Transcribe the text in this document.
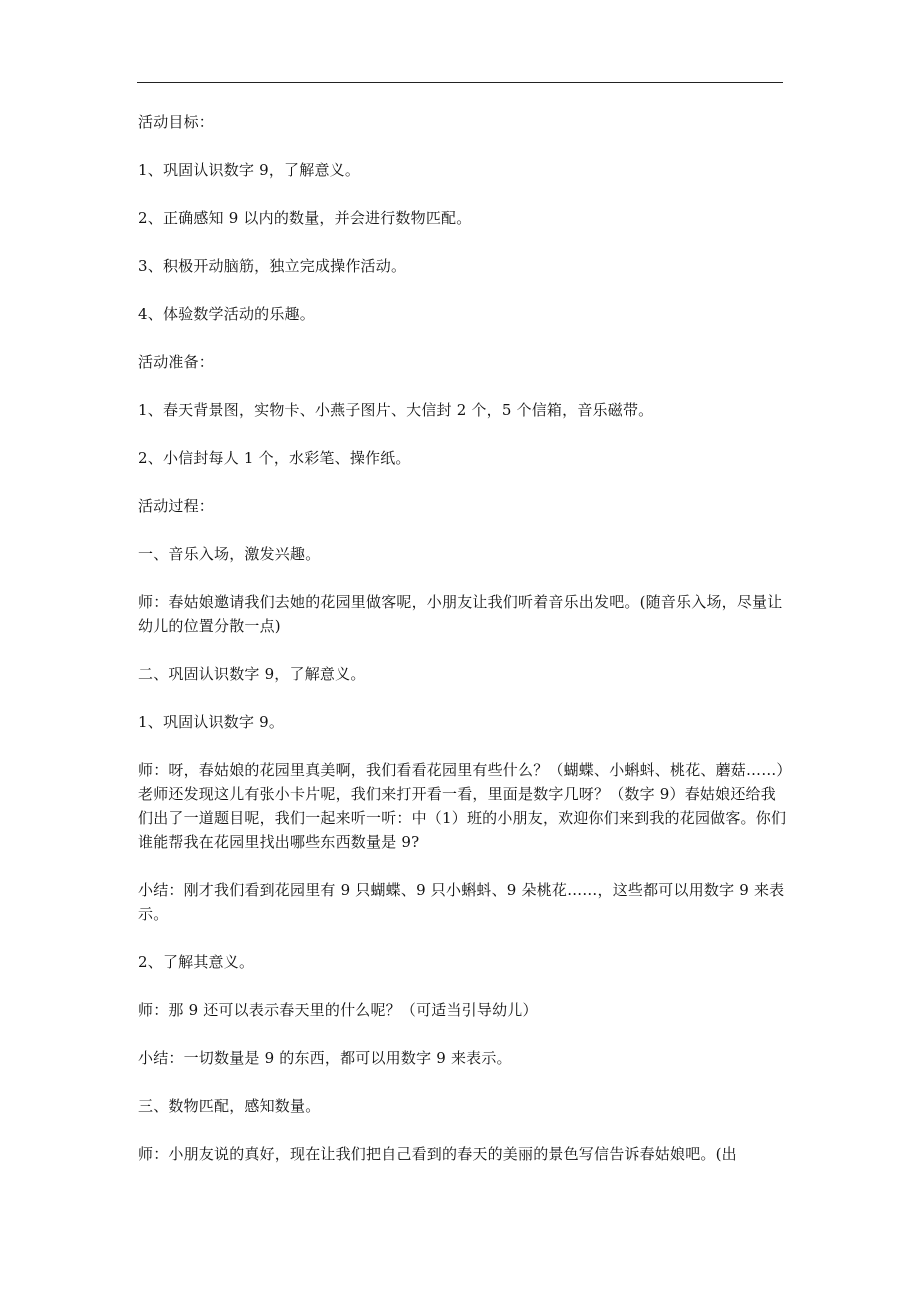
活动目标：

1、巩固认识数字 9，了解意义。

2、正确感知 9 以内的数量，并会进行数物匹配。

3、积极开动脑筋，独立完成操作活动。

4、体验数学活动的乐趣。

活动准备：

1、春天背景图，实物卡、小燕子图片、大信封 2 个，5 个信箱，音乐磁带。

2、小信封每人 1 个，水彩笔、操作纸。

活动过程：

一、音乐入场，激发兴趣。

师：春姑娘邀请我们去她的花园里做客呢，小朋友让我们听着音乐出发吧。(随音乐入场，尽量让幼儿的位置分散一点)

二、巩固认识数字 9，了解意义。

1、巩固认识数字 9。

师：呀，春姑娘的花园里真美啊，我们看看花园里有些什么？（蝴蝶、小蝌蚪、桃花、蘑菇……）老师还发现这儿有张小卡片呢，我们来打开看一看，里面是数字几呀？（数字 9）春姑娘还给我们出了一道题目呢，我们一起来听一听：中（1）班的小朋友，欢迎你们来到我的花园做客。你们谁能帮我在花园里找出哪些东西数量是 9?

小结：刚才我们看到花园里有 9 只蝴蝶、9 只小蝌蚪、9 朵桃花……，这些都可以用数字 9 来表示。

2、了解其意义。

师：那 9 还可以表示春天里的什么呢？（可适当引导幼儿）

小结：一切数量是 9 的东西，都可以用数字 9 来表示。

三、数物匹配，感知数量。

师：小朋友说的真好，现在让我们把自己看到的春天的美丽的景色写信告诉春姑娘吧。(出
